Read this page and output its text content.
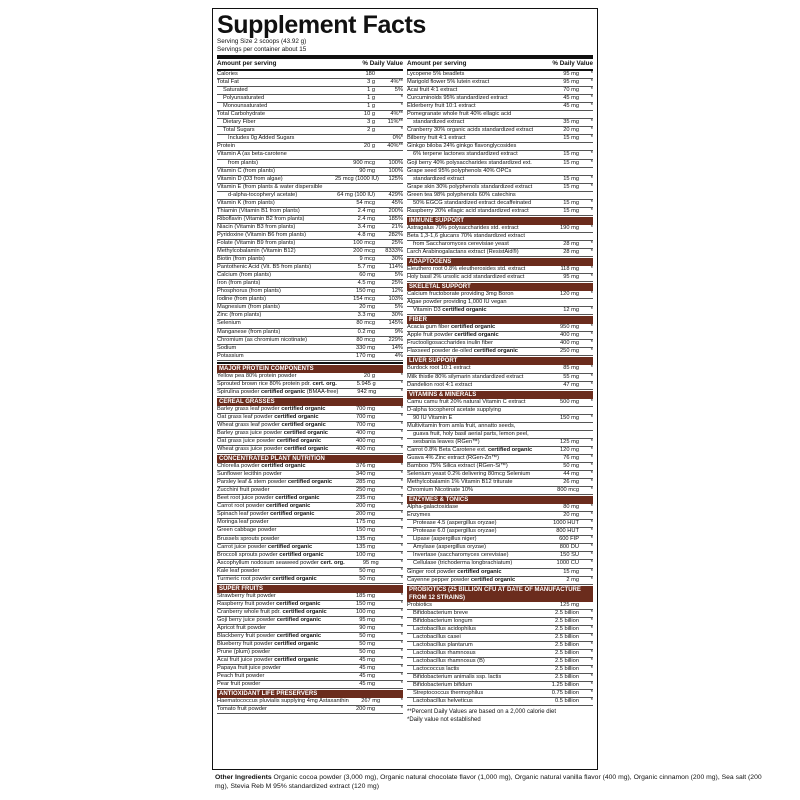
Supplement Facts
Serving Size 2 scoops (43.92 g)
Servings per container about 15
Amount per serving	% Daily Value
Calories	180
Total Fat	3 g	4%**
Saturated	1 g	5%
Polyunsaturated	1 g	*
Monounsaturated	1 g	*
Total Carbohydrate	10 g	4%**
Dietary Fiber	3 g	11%**
Total Sugars	2 g	*
Includes 0g Added Sugars	0%*
Protein	20 g	40%**
Vitamin A (as beta-carotene
from plants)	900 mcg	100%
Vitamin C (from plants)	90 mg	100%
Vitamin D (D3 from algae)	25 mcg (1000 IU)	125%
Vitamin E (from plants & water dispersible
d-alpha-tocopheryl acetate)	64 mg (100 IU)	429%
Vitamin K (from plants)	54 mcg	45%
Thiamin (Vitamin B1 from plants)	2.4 mg	200%
Riboflavin (Vitamin B2 from plants)	2.4 mg	185%
Niacin (Vitamin B3 from plants)	3.4 mg	21%
Pyridoxine (Vitamin B6 from plants)	4.8 mg	282%
Folate (Vitamin B9 from plants)	100 mcg	25%
Methylcobalamin (Vitamin B12)	200 mcg	8333%
Biotin (from plants)	9 mcg	30%
Pantothenic Acid (Vit. B5 from plants)	5.7 mg	114%
Calcium (from plants)	60 mg	5%
Iron (from plants)	4.5 mg	25%
Phosphorus (from plants)	150 mg	12%
Iodine (from plants)	154 mcg	103%
Magnesium (from plants)	20 mg	5%
Zinc (from plants)	3.3 mg	30%
Selenium	80 mcg	145%
Manganese (from plants)	0.2 mg	9%
Chromium (as chromium nicotinate)	80 mcg	229%
Sodium	330 mg	14%
Potassium	170 mg	4%
MAJOR PROTEIN COMPONENTS
Yellow pea 80% protein powder	20 g	*
Sprouted brown rice 80% protein pdr. cert. org.	5.945 g	*
Spirulina powder certified organic (BMAA-free)	942 mg	*
CEREAL GRASSES
Barley grass leaf powder certified organic	700 mg	*
Oat grass leaf powder certified organic	700 mg	*
Wheat grass leaf powder certified organic	700 mg	*
Barley grass juice powder certified organic	400 mg	*
Oat grass juice powder certified organic	400 mg	*
Wheat grass juice powder certified organic	400 mg	*
CONCENTRATED PLANT NUTRITION
Chlorella powder certified organic	376 mg	*
Sunflower lecithin powder	340 mg	*
Parsley leaf & stem powder certified organic	285 mg	*
Zucchini fruit powder	250 mg	*
Beet root juice powder certified organic	235 mg	*
Carrot root powder certified organic	200 mg	*
Spinach leaf powder certified organic	200 mg	*
Moringa leaf powder	175 mg	*
Green cabbage powder	150 mg	*
Brussels sprouts powder	135 mg	*
Carrot juice powder certified organic	135 mg	*
Broccoli sprouts powder certified organic	100 mg	*
Ascophyllum nodosum seaweed powder cert. org.	95 mg	*
Kale leaf powder	50 mg	*
Turmeric root powder certified organic	50 mg	*
SUPER FRUITS
Strawberry fruit powder	185 mg	*
Raspberry fruit powder certified organic	150 mg	*
Cranberry whole fruit pdr. certified organic	100 mg	*
Goji berry juice powder certified organic	95 mg	*
Apricot fruit powder	90 mg	*
Blackberry fruit powder certified organic	50 mg	*
Blueberry fruit powder certified organic	50 mg	*
Prune (plum) powder	50 mg	*
Acai fruit juice powder certified organic	45 mg	*
Papaya fruit juice powder	45 mg	*
Peach fruit powder	45 mg	*
Pear fruit powder	45 mg	*
ANTIOXIDANT LIFE PRESERVERS
Haematococcus pluvialis supplying 4mg Astaxanthin	267 mg	*
Tomato fruit powder	200 mg	*
Amount per serving	% Daily Value
Lycopene 5% beadlets	95 mg	*
Marigold flower 5% lutein extract	95 mg	*
Acai fruit 4:1 extract	70 mg	*
Curcuminoids 95% standardized extract	45 mg	*
Elderberry fruit 10:1 extract	45 mg	*
Pomegranate whole fruit 40% ellagic acid
standardized extract	35 mg	*
Cranberry 30% organic acids standardized extract	20 mg	*
Bilberry fruit 4:1 extract	15 mg	*
Ginkgo biloba 24% ginkgo flavonglycosides
6% terpene lactones standardized extract	15 mg	*
Goji berry 40% polysaccharides standardized ext.	15 mg	*
Grape seed 95% polyphenols 40% OPCs
standardized extract	15 mg	*
Grape skin 30% polyphenols standardized extract	15 mg	*
Green tea 98% polyphenols 60% catechins
50% EGCG standardized extract decaffeinated	15 mg	*
Raspberry 20% ellagic acid standardized extract	15 mg	*
IMMUNE SUPPORT
Astragalus 70% polysaccharides std. extract	190 mg	*
Beta 1,3-1,6 glucans 70% standardized extract
from Saccharomyces cerevisiae yeast	28 mg	*
Larch Arabinogalactans extract (ResistAid®)	28 mg	*
ADAPTOGENS
Eleuthero root 0.8% eleutherosides std. extract	118 mg	*
Holy basil 2% ursolic acid standardized extract	95 mg	*
SKELETAL SUPPORT
Calcium fructoborate providing 3mg Boron	120 mg	*
Algae powder providing 1,000 IU vegan
Vitamin D3 certified organic	12 mg	*
FIBER
Acacia gum fiber certified organic	950 mg	*
Apple fruit powder certified organic	400 mg	*
Fructooligosaccharides inulin fiber	400 mg	*
Flaxseed powder de-oiled certified organic	250 mg	*
LIVER SUPPORT
Burdock root 10:1 extract	85 mg	*
Milk thistle 80% silymarin standardized extract	55 mg	*
Dandelion root 4:1 extract	47 mg	*
VITAMINS & MINERALS
Camu camu fruit 20% natural Vitamin C extract	500 mg	*
D-alpha tocopherol acetate supplying
90 IU Vitamin E	150 mg	*
Multivitamin from amla fruit, annatto seeds,
guava fruit, holy basil aerial parts, lemon peel,
sesbania leaves (RGen™)	125 mg	*
Carrot 0.8% Beta Carotene ext. certified organic	120 mg	*
Guava 4% Zinc extract (RGen-Zn™)	76 mg	*
Bamboo 75% Silica extract (RGen-Si™)	50 mg	*
Selenium yeast 0.2% delivering 80mcg Selenium	44 mg	*
Methylcobalamin 1% Vitamin B12 triturate	26 mg	*
Chromium Nicotinate 10%	800 mcg	*
ENZYMES & TONICS
Alpha-galactosidase	80 mg	*
Enzymes	20 mg	*
Protease 4.5 (aspergillus oryzae)	1000 HUT	*
Protease 6.0 (aspergillus oryzae)	800 HUT	*
Lipase (aspergillus niger)	600 FIP	*
Amylase (aspergillus oryzae)	800 DU	*
Invertase (saccharomyces cerevisiae)	150 SU	*
Cellulase (trichoderma longbrachiatum)	1000 CU	*
Ginger root powder certified organic	15 mg	*
Cayenne pepper powder certified organic	2 mg	*
PROBIOTICS (25 BILLION CFU AT DATE OF MANUFACTURE FROM 12 STRAINS)
Probiotics	125 mg
Bifidobacterium breve	2.5 billion	*
Bifidobacterium longum	2.5 billion	*
Lactobacillus acidophilus	2.5 billion	*
Lactobacillus casei	2.5 billion	*
Lactobacillus plantarum	2.5 billion	*
Lactobacillus rhamnosus	2.5 billion	*
Lactobacillus rhamnosus (B)	2.5 billion	*
Lactococcus lactis	2.5 billion	*
Bifidobacterium animalis ssp. lactis	2.5 billion	*
Bifidobacterium bifidum	1.25 billion	*
Streptococcus thermophilus	0.75 billion	*
Lactobacillus helveticus	0.5 billion	*
**Percent Daily Values are based on a 2,000 calorie diet
*Daily value not established
Other Ingredients Organic cocoa powder (3,000 mg), Organic natural chocolate flavor (1,000 mg), Organic natural vanilla flavor (400 mg), Organic cinnamon (200 mg), Sea salt (200 mg), Stevia Reb M 95% standardized extract (120 mg)
